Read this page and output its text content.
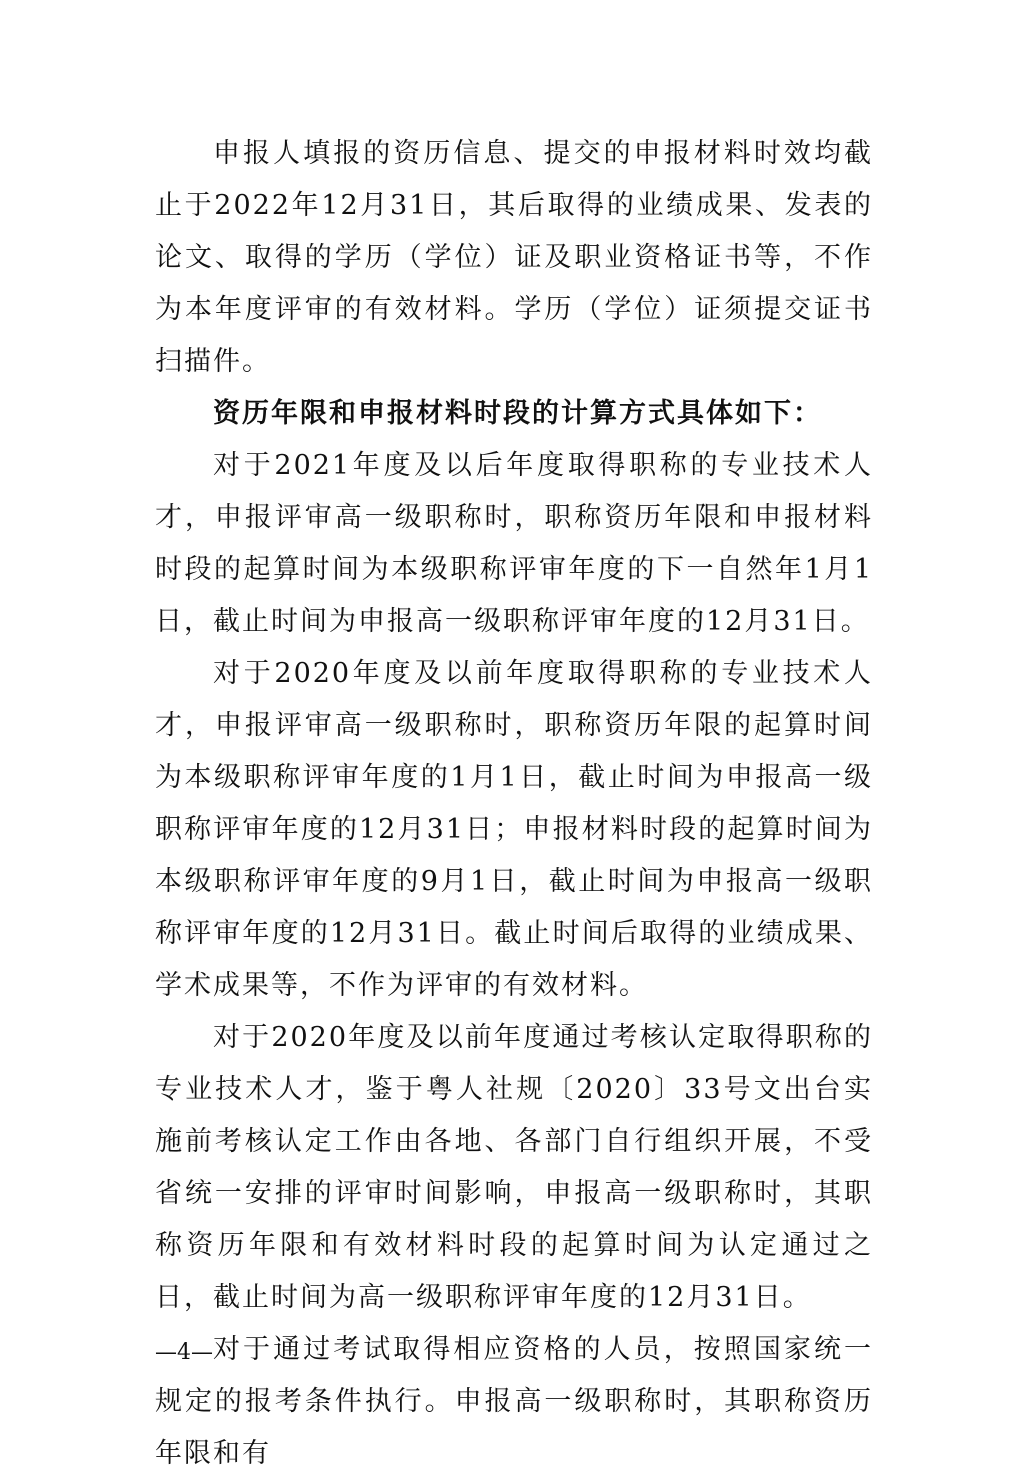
申报人填报的资历信息、提交的申报材料时效均截止于2022年12月31日，其后取得的业绩成果、发表的论文、取得的学历（学位）证及职业资格证书等，不作为本年度评审的有效材料。学历（学位）证须提交证书扫描件。

资历年限和申报材料时段的计算方式具体如下：

对于2021年度及以后年度取得职称的专业技术人才，申报评审高一级职称时，职称资历年限和申报材料时段的起算时间为本级职称评审年度的下一自然年1月1日，截止时间为申报高一级职称评审年度的12月31日。

对于2020年度及以前年度取得职称的专业技术人才，申报评审高一级职称时，职称资历年限的起算时间为本级职称评审年度的1月1日，截止时间为申报高一级职称评审年度的12月31日；申报材料时段的起算时间为本级职称评审年度的9月1日，截止时间为申报高一级职称评审年度的12月31日。截止时间后取得的业绩成果、学术成果等，不作为评审的有效材料。

对于2020年度及以前年度通过考核认定取得职称的专业技术人才，鉴于粤人社规〔2020〕33号文出台实施前考核认定工作由各地、各部门自行组织开展，不受省统一安排的评审时间影响，申报高一级职称时，其职称资历年限和有效材料时段的起算时间为认定通过之日，截止时间为高一级职称评审年度的12月31日。

对于通过考试取得相应资格的人员，按照国家统一规定的报考条件执行。申报高一级职称时，其职称资历年限和有

—4—
